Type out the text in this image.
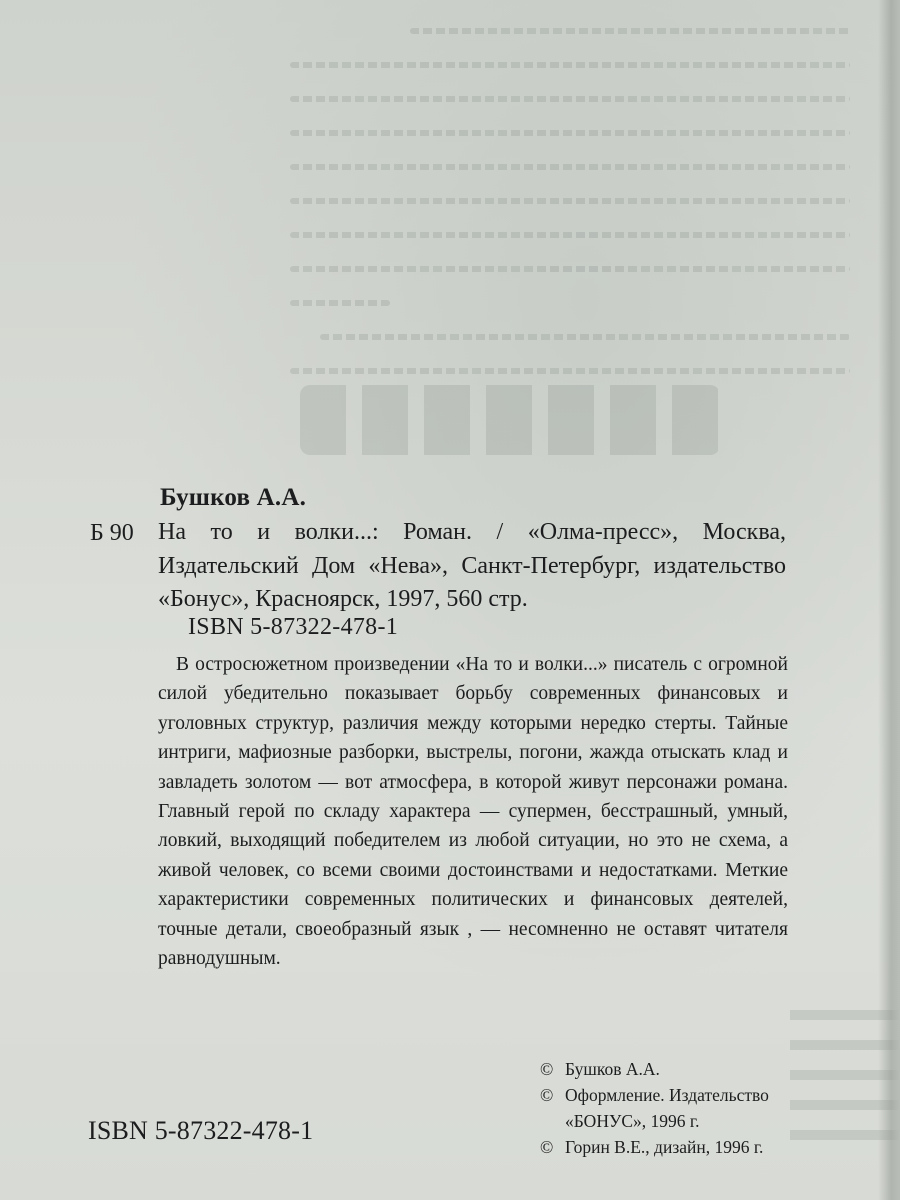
Бушков А.А.
Б 90 На то и волки...: Роман. / «Олма-пресс», Москва, Издательский Дом «Нева», Санкт-Петербург, издательство «Бонус», Красноярск, 1997, 560 стр.
ISBN 5-87322-478-1
В остросюжетном произведении «На то и волки...» писатель с огромной силой убедительно показывает борьбу современных финансовых и уголовных структур, различия между которыми нередко стерты. Тайные интриги, мафиозные разборки, выстрелы, погони, жажда отыскать клад и завладеть золотом — вот атмосфера, в которой живут персонажи романа. Главный герой по складу характера — супермен, бесстрашный, умный, ловкий, выходящий победителем из любой ситуации, но это не схема, а живой человек, со всеми своими достоинствами и недостатками. Меткие характеристики современных политических и финансовых деятелей, точные детали, своеобразный язык , — несомненно не оставят читателя равнодушным.
ISBN 5-87322-478-1
© Бушков А.А.
© Оформление. Издательство
«БОНУС», 1996 г.
© Горин В.Е., дизайн, 1996 г.
